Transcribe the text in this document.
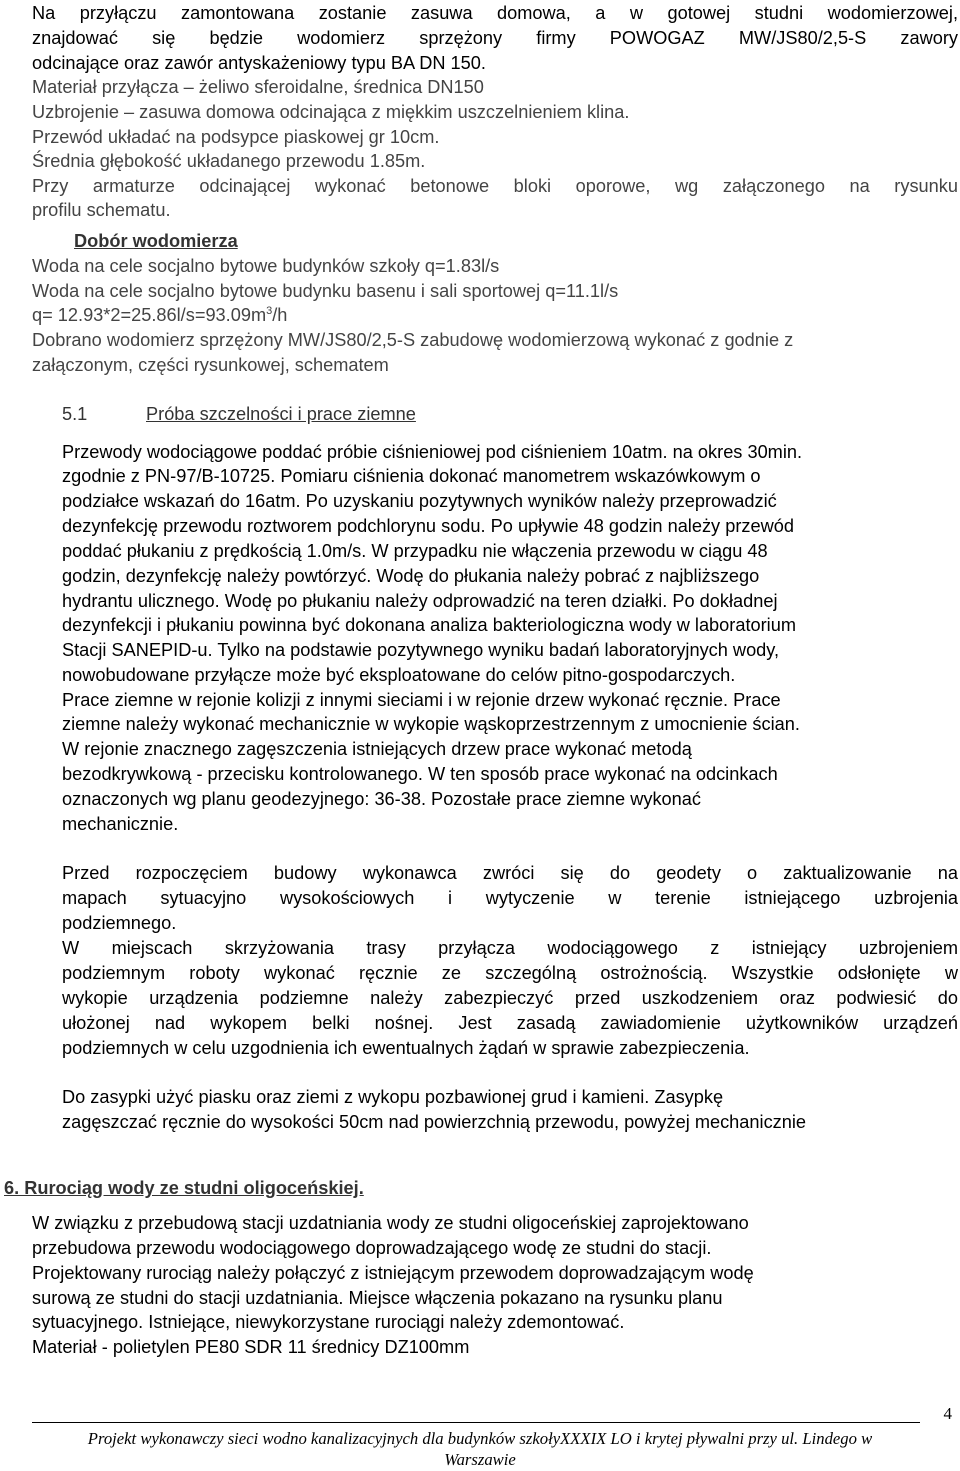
Na przyłączu zamontowana zostanie zasuwa domowa, a w gotowej studni wodomierzowej,
znajdować się będzie wodomierz sprzężony firmy POWOGAZ MW/JS80/2,5-S zawory
odcinające oraz zawór antyskażeniowy typu BA DN 150.
Materiał przyłącza – żeliwo sferoidalne, średnica DN150
Uzbrojenie – zasuwa domowa odcinająca z miękkim uszczelnieniem klina.
Przewód układać na podsypce piaskowej gr 10cm.
Średnia głębokość układanego przewodu 1.85m.
Przy armaturze odcinającej wykonać betonowe bloki oporowe, wg załączonego na rysunku
profilu schematu.
Dobór wodomierza
Woda na cele socjalno bytowe budynków szkoły q=1.83l/s
Woda na cele socjalno bytowe budynku basenu i sali sportowej q=11.1l/s
$q= 12.93*2=25.86l/s=93.09m^3/h$
Dobrano wodomierz sprzężony MW/JS80/2,5-S zabudowę wodomierzową wykonać z godnie z
załączonym, części rysunkowej, schematem
5.1	Próba szczelności i prace ziemne
Przewody wodociągowe poddać próbie ciśnieniowej pod ciśnieniem 10atm. na okres 30min.
zgodnie z PN-97/B-10725. Pomiaru ciśnienia dokonać manometrem wskazówkowym o
podziałce wskazań do 16atm. Po uzyskaniu pozytywnych wyników należy przeprowadzić
dezynfekcję przewodu roztworem podchlorynu sodu. Po upływie 48 godzin należy przewód
poddać płukaniu z prędkością 1.0m/s. W przypadku nie włączenia przewodu w ciągu 48
godzin, dezynfekcję należy powtórzyć. Wodę do płukania należy pobrać z najbliższego
hydrantu ulicznego. Wodę po płukaniu należy odprowadzić na teren działki. Po dokładnej
dezynfekcji i płukaniu powinna być dokonana analiza bakteriologiczna wody w laboratorium
Stacji SANEPID-u. Tylko na podstawie pozytywnego wyniku badań laboratoryjnych wody,
nowobudowane przyłącze może być eksploatowane do celów pitno-gospodarczych.
Prace ziemne w rejonie kolizji z innymi sieciami i w rejonie drzew wykonać ręcznie. Prace
ziemne należy wykonać mechanicznie w wykopie wąskoprzestrzennym z umocnienie ścian.
W rejonie znacznego zagęszczenia istniejących drzew prace wykonać metodą
bezodkrywkową - przecisku kontrolowanego. W ten sposób prace wykonać na odcinkach
oznaczonych wg planu geodezyjnego: 36-38. Pozostałe prace ziemne wykonać
mechanicznie.
Przed rozpoczęciem budowy wykonawca zwróci się do geodety o zaktualizowanie na
mapach sytuacyjno wysokościowych i wytyczenie w terenie istniejącego uzbrojenia
podziemnego.
W miejscach skrzyżowania trasy przyłącza wodociągowego z istniejący uzbrojeniem
podziemnym roboty wykonać ręcznie ze szczególną ostrożnością. Wszystkie odsłonięte w
wykopie urządzenia podziemne należy zabezpieczyć przed uszkodzeniem oraz podwiesić do
ułożonej nad wykopem belki nośnej. Jest zasadą zawiadomienie użytkowników urządzeń
podziemnych w celu uzgodnienia ich ewentualnych żądań w sprawie zabezpieczenia.
Do zasypki użyć piasku oraz ziemi z wykopu pozbawionej grud i kamieni. Zasypkę
zagęszczać ręcznie do wysokości 50cm nad powierzchnią przewodu, powyżej mechanicznie
6. Rurociąg wody ze studni oligoceńskiej.
W związku z przebudową stacji uzdatniania wody ze studni oligoceńskiej zaprojektowano
przebudowa przewodu wodociągowego doprowadzającego wodę ze studni do stacji.
Projektowany rurociąg należy połączyć z istniejącym przewodem doprowadzającym wodę
surową ze studni do stacji uzdatniania. Miejsce włączenia pokazano na rysunku planu
sytuacyjnego. Istniejące, niewykorzystane rurociągi należy zdemontować.
Materiał - polietylen PE80 SDR 11 średnicy DZ100mm
4
Projekt wykonawczy sieci wodno kanalizacyjnych dla budynków szkołyXXXIX LO i krytej pływalni przy ul. Lindego w
Warszawie
